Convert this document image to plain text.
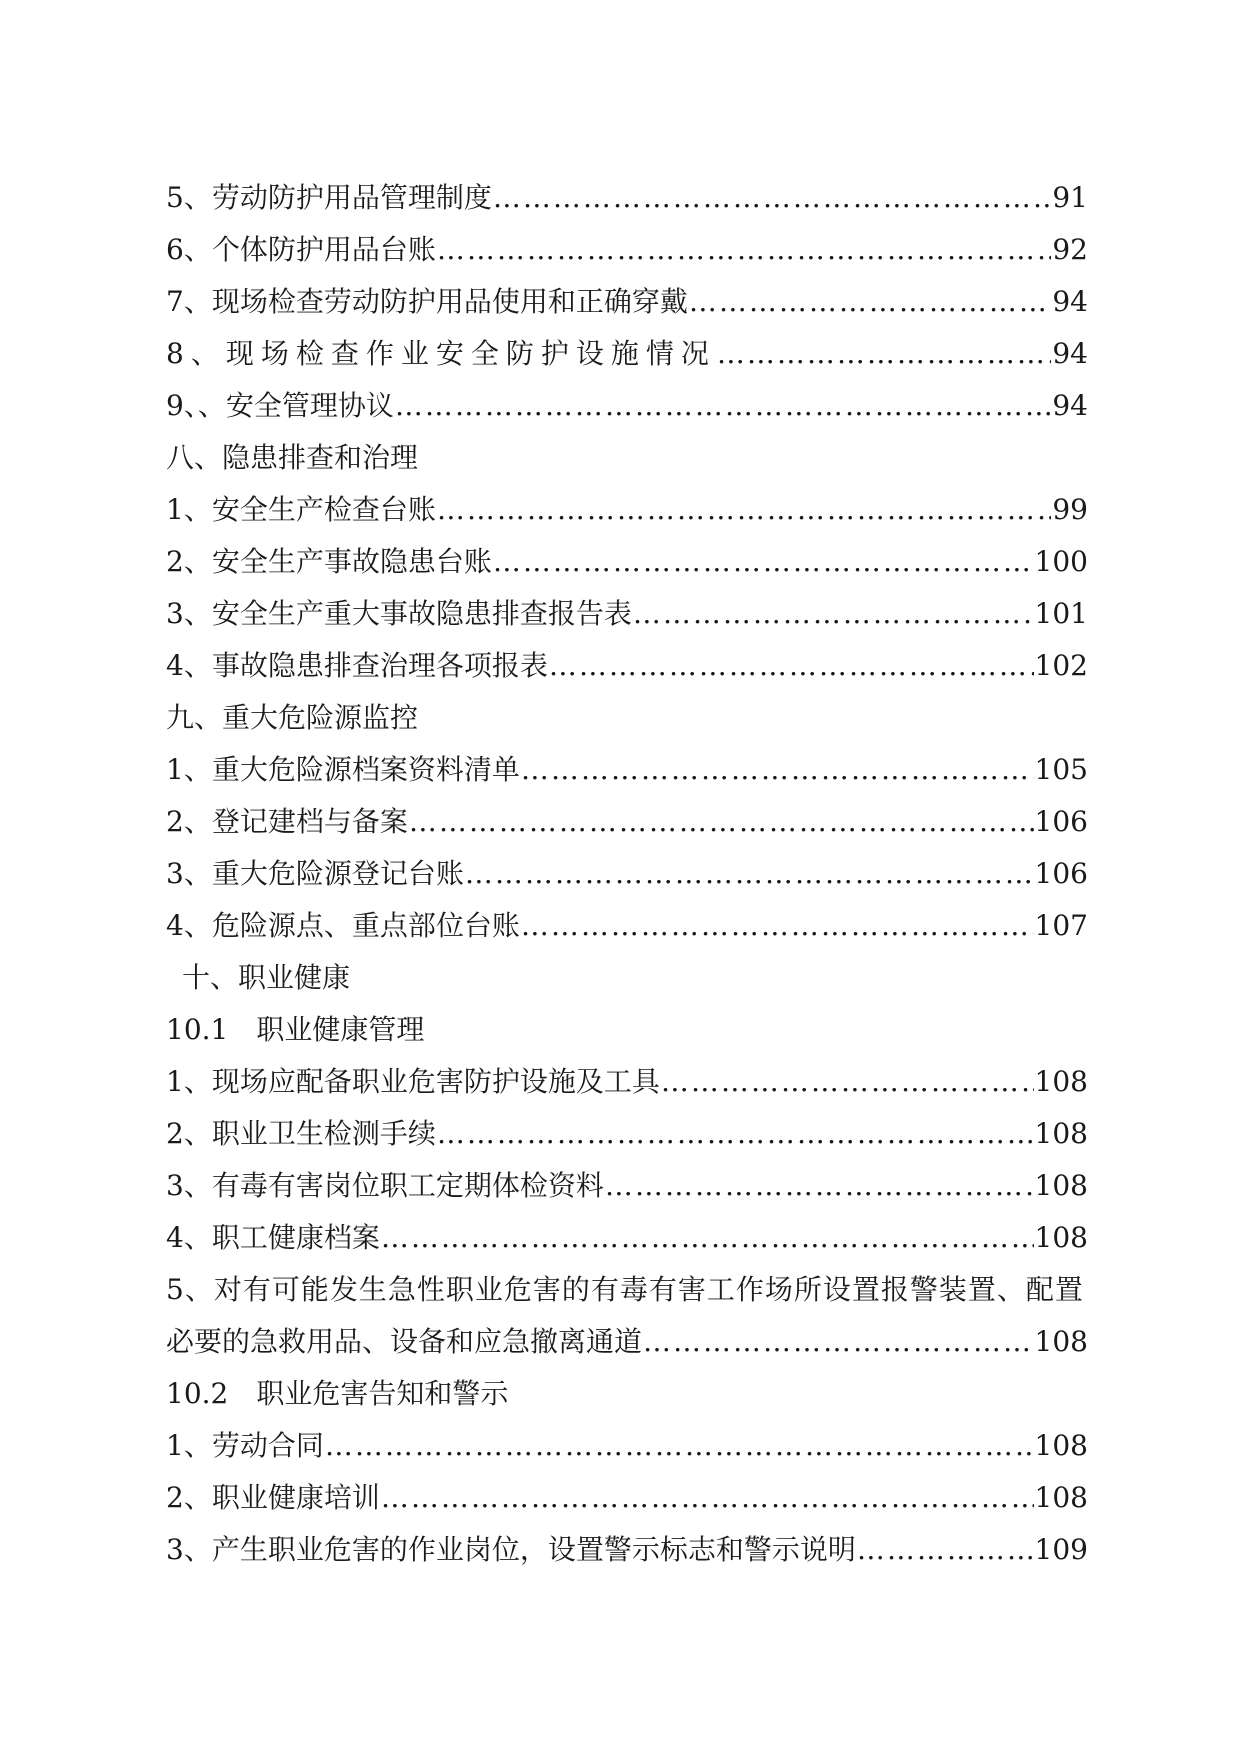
5、劳动防护用品管理制度 ………………………………………………………………………………………………………………………………………………	91
6、个体防护用品台账 ………………………………………………………………………………………………………………………………………………	92
7、现场检查劳动防护用品使用和正确穿戴 ………………………………………………………………………………………………………………………………………………	94
8、现场检查作业安全防护设施情况 ………………………………………………………………………………………………………………………………………………	94
9、、安全管理协议 ………………………………………………………………………………………………………………………………………………	94
八、隐患排查和治理
1、安全生产检查台账 ………………………………………………………………………………………………………………………………………………	99
2、安全生产事故隐患台账 ………………………………………………………………………………………………………………………………………………	100
3、安全生产重大事故隐患排查报告表 ………………………………………………………………………………………………………………………………………………	101
4、事故隐患排查治理各项报表 ………………………………………………………………………………………………………………………………………………	102
九、重大危险源监控
1、重大危险源档案资料清单 ………………………………………………………………………………………………………………………………………………	105
2、登记建档与备案 ………………………………………………………………………………………………………………………………………………	106
3、重大危险源登记台账 ………………………………………………………………………………………………………………………………………………	106
4、危险源点、重点部位台账 ………………………………………………………………………………………………………………………………………………	107
十、职业健康
10.1　职业健康管理
1、现场应配备职业危害防护设施及工具 ………………………………………………………………………………………………………………………………………………	108
2、职业卫生检测手续 ………………………………………………………………………………………………………………………………………………	108
3、有毒有害岗位职工定期体检资料 ………………………………………………………………………………………………………………………………………………	108
4、职工健康档案 ………………………………………………………………………………………………………………………………………………	108
5、对有可能发生急性职业危害的有毒有害工作场所设置报警装置、配置
必要的急救用品、设备和应急撤离通道 ………………………………………………………………………………………………………………………………………………	108
10.2　职业危害告知和警示
1、劳动合同 ………………………………………………………………………………………………………………………………………………	108
2、职业健康培训 ………………………………………………………………………………………………………………………………………………	108
3、产生职业危害的作业岗位，设置警示标志和警示说明 ………………………………………………………………………………………………………………………………………………	109
